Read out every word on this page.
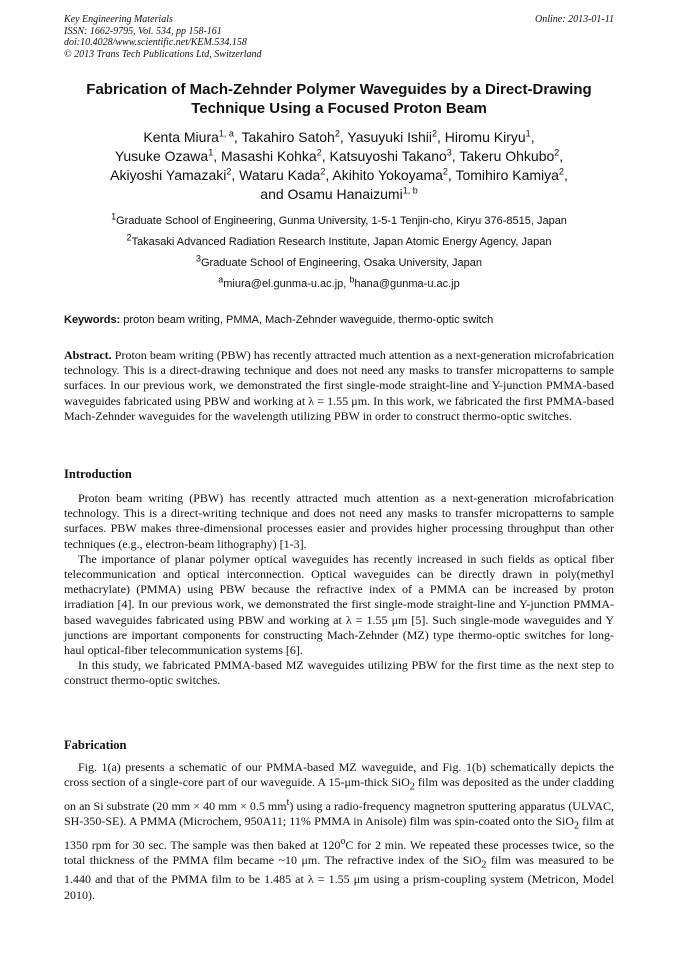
Key Engineering Materials
ISSN: 1662-9795, Vol. 534, pp 158-161
doi:10.4028/www.scientific.net/KEM.534.158
© 2013 Trans Tech Publications Ltd, Switzerland
Online: 2013-01-11
Fabrication of Mach-Zehnder Polymer Waveguides by a Direct-Drawing
Technique Using a Focused Proton Beam
Kenta Miura$^{1, a}$, Takahiro Satoh$^2$, Yasuyuki Ishii$^2$, Hiromu Kiryu$^1$,
Yusuke Ozawa$^1$, Masashi Kohka$^2$, Katsuyoshi Takano$^3$, Takeru Ohkubo$^2$,
Akiyoshi Yamazaki$^2$, Wataru Kada$^2$, Akihito Yokoyama$^2$, Tomihiro Kamiya$^2$,
and Osamu Hanaizumi$^{1, b}$
$^1$Graduate School of Engineering, Gunma University, 1-5-1 Tenjin-cho, Kiryu 376-8515, Japan
$^2$Takasaki Advanced Radiation Research Institute, Japan Atomic Energy Agency, Japan
$^3$Graduate School of Engineering, Osaka University, Japan
$^a$miura@el.gunma-u.ac.jp, $^b$hana@gunma-u.ac.jp
Keywords: proton beam writing, PMMA, Mach-Zehnder waveguide, thermo-optic switch

Abstract. Proton beam writing (PBW) has recently attracted much attention as a next-generation microfabrication technology. This is a direct-drawing technique and does not need any masks to transfer micropatterns to sample surfaces. In our previous work, we demonstrated the first single-mode straight-line and Y-junction PMMA-based waveguides fabricated using PBW and working at λ = 1.55 μm. In this work, we fabricated the first PMMA-based Mach-Zehnder waveguides for the wavelength utilizing PBW in order to construct thermo-optic switches.

Introduction

Proton beam writing (PBW) has recently attracted much attention as a next-generation microfabrication technology. This is a direct-writing technique and does not need any masks to transfer micropatterns to sample surfaces. PBW makes three-dimensional processes easier and provides higher processing throughput than other techniques (e.g., electron-beam lithography) [1-3].

The importance of planar polymer optical waveguides has recently increased in such fields as optical fiber telecommunication and optical interconnection. Optical waveguides can be directly drawn in poly(methyl methacrylate) (PMMA) using PBW because the refractive index of a PMMA can be increased by proton irradiation [4]. In our previous work, we demonstrated the first single-mode straight-line and Y-junction PMMA-based waveguides fabricated using PBW and working at λ = 1.55 μm [5]. Such single-mode waveguides and Y junctions are important components for constructing Mach-Zehnder (MZ) type thermo-optic switches for long-haul optical-fiber telecommunication systems [6].

In this study, we fabricated PMMA-based MZ waveguides utilizing PBW for the first time as the next step to construct thermo-optic switches.

Fabrication

Fig. 1(a) presents a schematic of our PMMA-based MZ waveguide, and Fig. 1(b) schematically depicts the cross section of a single-core part of our waveguide. A 15-μm-thick SiO$_2$ film was deposited as the under cladding on an Si substrate (20 mm × 40 mm × 0.5 $mm^t$) using a radio-frequency magnetron sputtering apparatus (ULVAC, SH-350-SE). A PMMA (Microchem, 950A11; 11% PMMA in Anisole) film was spin-coated onto the SiO$_2$ film at 1350 rpm for 30 sec. The sample was then baked at 120$^o$C for 2 min. We repeated these processes twice, so the total thickness of the PMMA film became ~10 μm. The refractive index of the SiO$_2$ film was measured to be 1.440 and that of the PMMA film to be 1.485 at λ = 1.55 μm using a prism-coupling system (Metricon, Model 2010).
